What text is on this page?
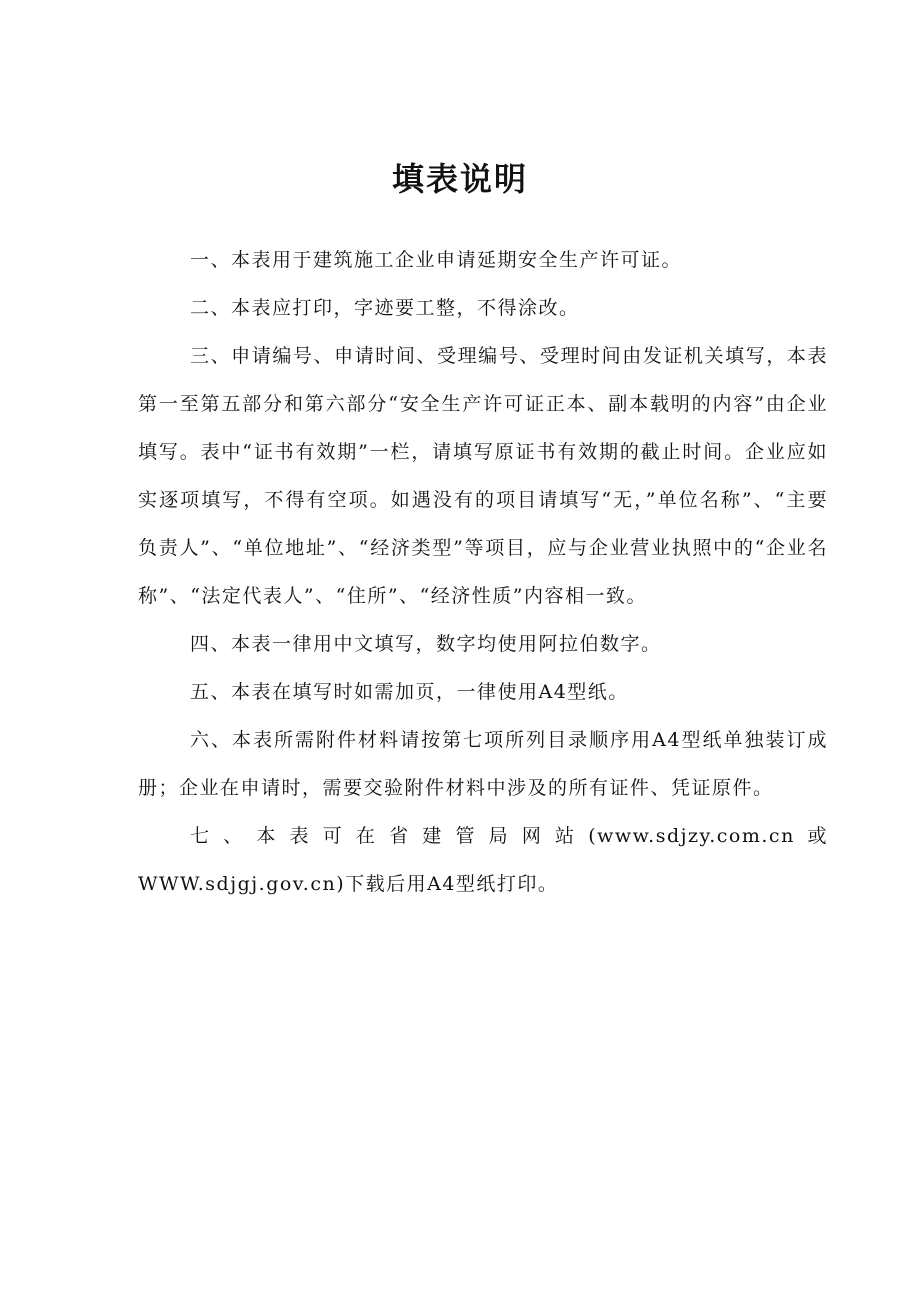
填表说明

一、本表用于建筑施工企业申请延期安全生产许可证。

二、本表应打印，字迹要工整，不得涂改。

三、申请编号、申请时间、受理编号、受理时间由发证机关填写，本表第一至第五部分和第六部分“安全生产许可证正本、副本载明的内容”由企业填写。表中“证书有效期”一栏，请填写原证书有效期的截止时间。企业应如实逐项填写，不得有空项。如遇没有的项目请填写“无，”单位名称”、“主要负责人”、“单位地址”、“经济类型”等项目，应与企业营业执照中的“企业名称”、“法定代表人”、“住所”、“经济性质”内容相一致。

四、本表一律用中文填写，数字均使用阿拉伯数字。

五、本表在填写时如需加页，一律使用A4型纸。

六、本表所需附件材料请按第七项所列目录顺序用A4型纸单独装订成册；企业在申请时，需要交验附件材料中涉及的所有证件、凭证原件。

七、本表可在省建管局网站(www.sdjzy.com.cn或WWW.sdjgj.gov.cn)下载后用A4型纸打印。
